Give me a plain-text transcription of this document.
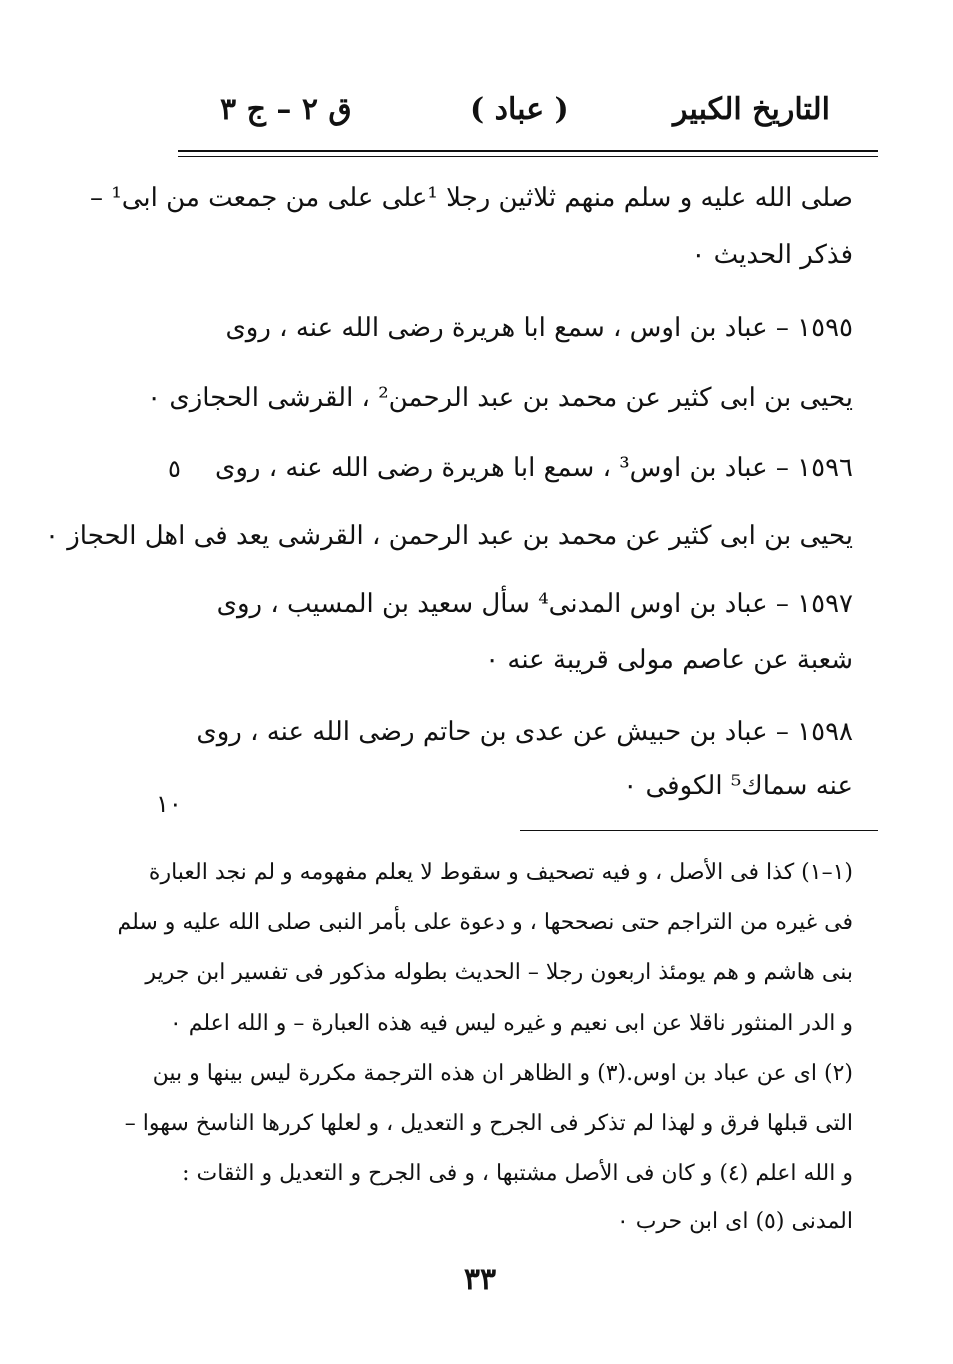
التاريخ الكبير
( عباد )
ق ٢ – ج ٣
صلى الله عليه و سلم منهم ثلاثين رجلا ¹على على من جمعت من ابى¹ –
فذكر الحديث ٠
١٥٩٥ – عباد بن اوس ، سمع ابا هريرة رضى الله عنه ، روى
يحيى بن ابى كثير عن محمد بن عبد الرحمن² ، القرشى الحجازى ٠
١٥٩٦ – عباد بن اوس³ ، سمع ابا هريرة رضى الله عنه ، روى
يحيى بن ابى كثير عن محمد بن عبد الرحمن ، القرشى يعد فى اهل الحجاز ٠
١٥٩٧ – عباد بن اوس المدنى⁴ سأل سعيد بن المسيب ، روى
شعبة عن عاصم مولى قريبة عنه ٠
١٥٩٨ – عباد بن حبيش عن عدى بن حاتم رضى الله عنه ، روى
عنه سماك⁵ الكوفى ٠
٥
١٠
(١–١) كذا فى الأصل ، و فيه تصحيف و سقوط لا يعلم مفهومه و لم نجد العبارة
فى غيره من التراجم حتى نصححها ، و دعوة على بأمر النبى صلى الله عليه و سلم
بنى هاشم و هم يومئذ اربعون رجلا – الحديث بطوله مذكور فى تفسير ابن جرير
و الدر المنثور ناقلا عن ابى نعيم و غيره ليس فيه هذه العبارة – و الله اعلم ٠
(٢) اى عن عباد بن اوس.(٣) و الظاهر ان هذه الترجمة مكررة ليس بينها و بين
التى قبلها فرق و لهذا لم تذكر فى الجرح و التعديل ، و لعلها كررها الناسخ سهوا –
و الله اعلم (٤) و كان فى الأصل مشتبها ، و فى الجرح و التعديل و الثقات :
المدنى (٥) اى ابن حرب ٠
٣٣
